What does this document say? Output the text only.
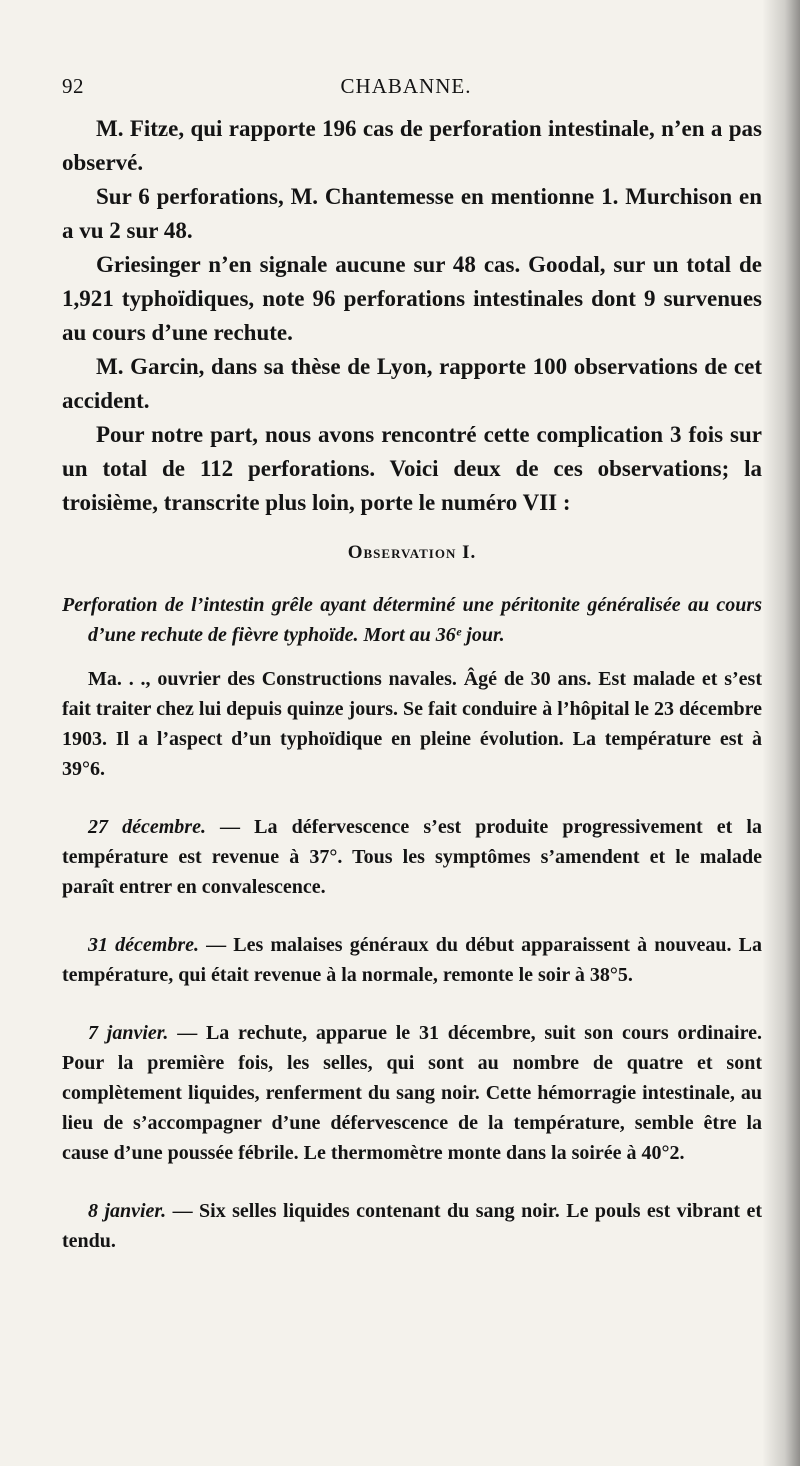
92	CHABANNE.

M. Fitze, qui rapporte 196 cas de perforation intestinale, n’en a pas observé.

Sur 6 perforations, M. Chantemesse en mentionne 1. Murchison en a vu 2 sur 48.

Griesinger n’en signale aucune sur 48 cas. Goodal, sur un total de 1,921 typhoïdiques, note 96 perforations intestinales dont 9 survenues au cours d’une rechute.

M. Garcin, dans sa thèse de Lyon, rapporte 100 observations de cet accident.

Pour notre part, nous avons rencontré cette complication 3 fois sur un total de 112 perforations. Voici deux de ces observations; la troisième, transcrite plus loin, porte le numéro VII :

Observation I.

Perforation de l’intestin grêle ayant déterminé une péritonite généralisée au cours d’une rechute de fièvre typhoïde. Mort au 36ᵉ jour.

Ma. . ., ouvrier des Constructions navales. Âgé de 30 ans. Est malade et s’est fait traiter chez lui depuis quinze jours. Se fait conduire à l’hôpital le 23 décembre 1903. Il a l’aspect d’un typhoïdique en pleine évolution. La température est à 39°6.

27 décembre. — La défervescence s’est produite progressivement et la température est revenue à 37°. Tous les symptômes s’amendent et le malade paraît entrer en convalescence.

31 décembre. — Les malaises généraux du début apparaissent à nouveau. La température, qui était revenue à la normale, remonte le soir à 38°5.

7 janvier. — La rechute, apparue le 31 décembre, suit son cours ordinaire. Pour la première fois, les selles, qui sont au nombre de quatre et sont complètement liquides, renferment du sang noir. Cette hémorragie intestinale, au lieu de s’accompagner d’une défervescence de la température, semble être la cause d’une poussée fébrile. Le thermomètre monte dans la soirée à 40°2.

8 janvier. — Six selles liquides contenant du sang noir. Le pouls est vibrant et tendu.
